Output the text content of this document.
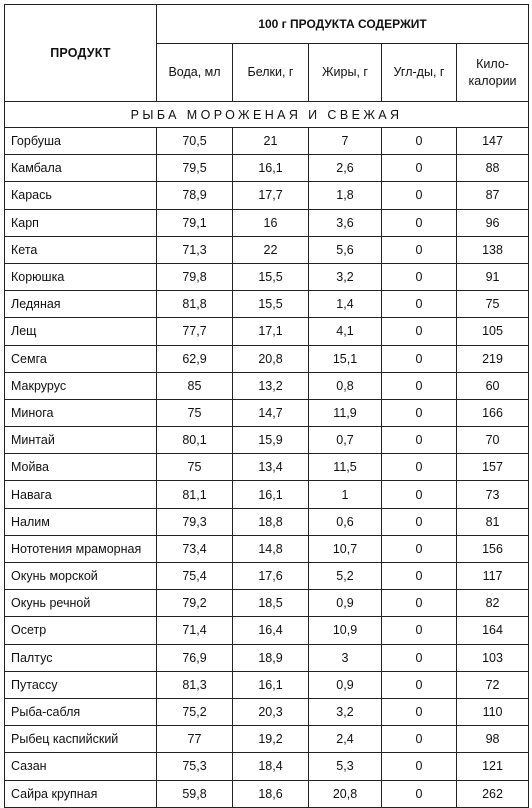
ПРОДУКТ	100 г ПРОДУКТА СОДЕРЖИТ				
	Вода, мл	Белки, г	Жиры, г	Угл-ды, г	Кило-
калории
РЫБА МОРОЖЕНАЯ И СВЕЖАЯ					
Горбуша	70,5	21	7	0	147
Камбала	79,5	16,1	2,6	0	88
Карась	78,9	17,7	1,8	0	87
Карп	79,1	16	3,6	0	96
Кета	71,3	22	5,6	0	138
Корюшка	79,8	15,5	3,2	0	91
Ледяная	81,8	15,5	1,4	0	75
Лещ	77,7	17,1	4,1	0	105
Семга	62,9	20,8	15,1	0	219
Макрурус	85	13,2	0,8	0	60
Минога	75	14,7	11,9	0	166
Минтай	80,1	15,9	0,7	0	70
Мойва	75	13,4	11,5	0	157
Навага	81,1	16,1	1	0	73
Налим	79,3	18,8	0,6	0	81
Нототения мраморная	73,4	14,8	10,7	0	156
Окунь морской	75,4	17,6	5,2	0	117
Окунь речной	79,2	18,5	0,9	0	82
Осетр	71,4	16,4	10,9	0	164
Палтус	76,9	18,9	3	0	103
Путассу	81,3	16,1	0,9	0	72
Рыба-сабля	75,2	20,3	3,2	0	110
Рыбец каспийский	77	19,2	2,4	0	98
Сазан	75,3	18,4	5,3	0	121
Сайра крупная	59,8	18,6	20,8	0	262
